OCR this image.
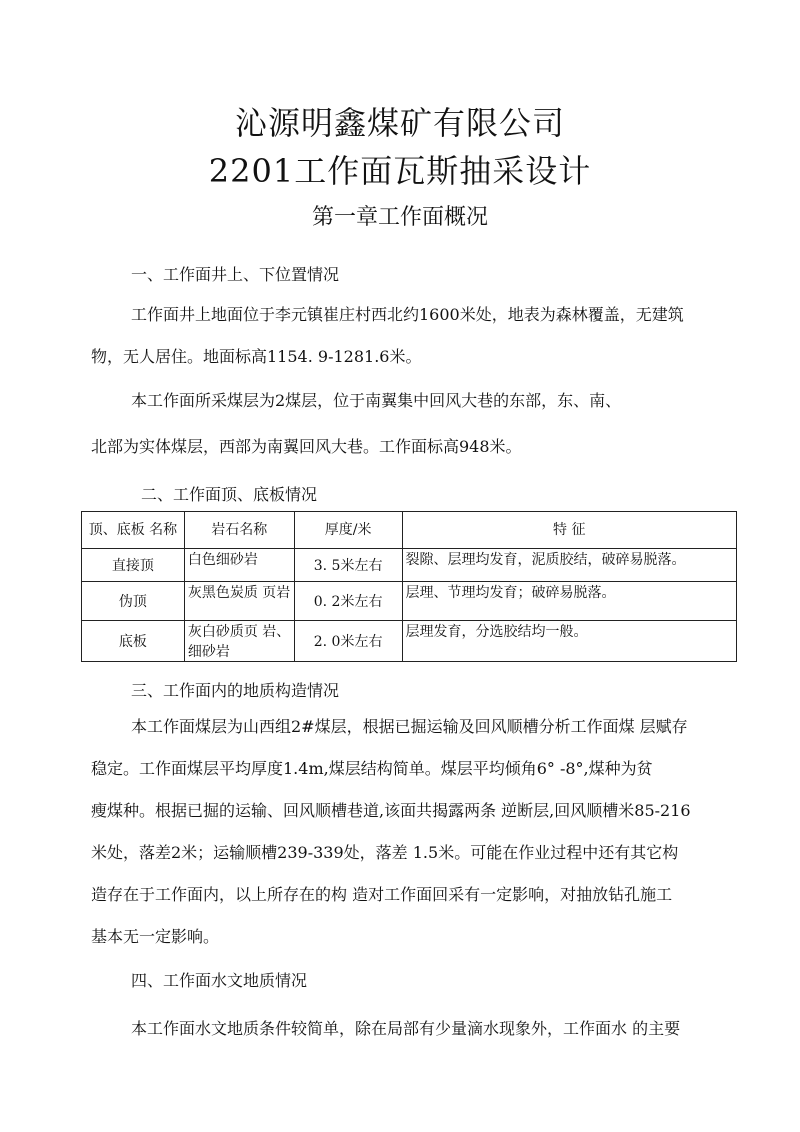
沁源明鑫煤矿有限公司
2201工作面瓦斯抽采设计
第一章工作面概况
一、工作面井上、下位置情况
工作面井上地面位于李元镇崔庄村西北约1600米处，地表为森林覆盖，无建筑
物，无人居住。地面标高1154. 9-1281.6米。
本工作面所采煤层为2煤层，位于南翼集中回风大巷的东部，东、南、
北部为实体煤层，西部为南翼回风大巷。工作面标高948米。
二、工作面顶、底板情况
顶、底板 名称	岩石名称	厚度/米	特 征
直接顶	白色细砂岩	3. 5米左右	裂隙、层理均发育，泥质胶结，破碎易脱落。
伪顶	灰黑色炭质 页岩	0. 2米左右	层理、节理均发育；破碎易脱落。
底板	灰白砂质页 岩、细砂岩	2. 0米左右	层理发育，分选胶结均一般。
三、工作面内的地质构造情况
本工作面煤层为山西组2#煤层，根据已掘运输及回风顺槽分析工作面煤 层赋存
稳定。工作面煤层平均厚度1.4m,煤层结构简单。煤层平均倾角6° -8°,煤种为贫
瘦煤种。根据已掘的运输、回风顺槽巷道,该面共揭露两条 逆断层,回风顺槽米85-216
米处，落差2米；运输顺槽239-339处，落差 1.5米。可能在作业过程中还有其它构
造存在于工作面内，以上所存在的构 造对工作面回采有一定影响，对抽放钻孔施工
基本无一定影响。
四、工作面水文地质情况
本工作面水文地质条件较简单，除在局部有少量滴水现象外，工作面水 的主要
